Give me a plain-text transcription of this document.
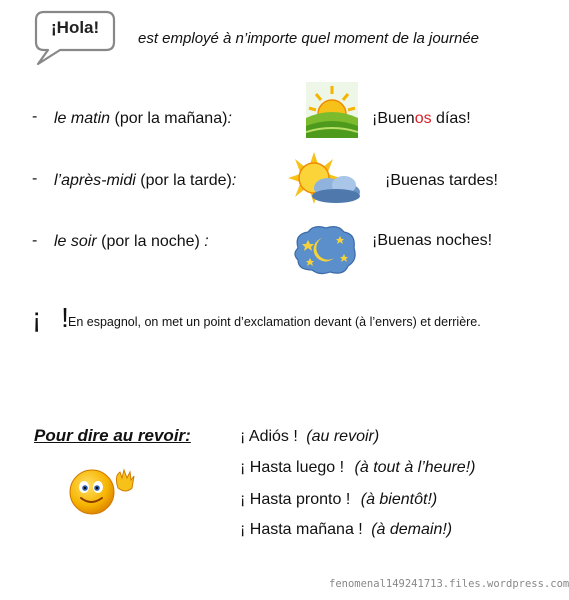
¡Hola!
est employé à n’importe quel moment de la journée
- le matin (por la mañana):	¡Buenos días!
- l’après-midi (por la tarde):	¡Buenas tardes!
- le soir (por la noche) :	¡Buenas noches!
¡ !
En espagnol, on met un point d’exclamation devant (à l’envers) et derrière.
Pour dire au revoir:	¡ Adiós ! (au revoir)
¡ Hasta luego ! (à tout à l’heure!)
¡ Hasta pronto ! (à bientôt!)
¡ Hasta mañana ! (à demain!)
fenomenal149241713.files.wordpress.com
